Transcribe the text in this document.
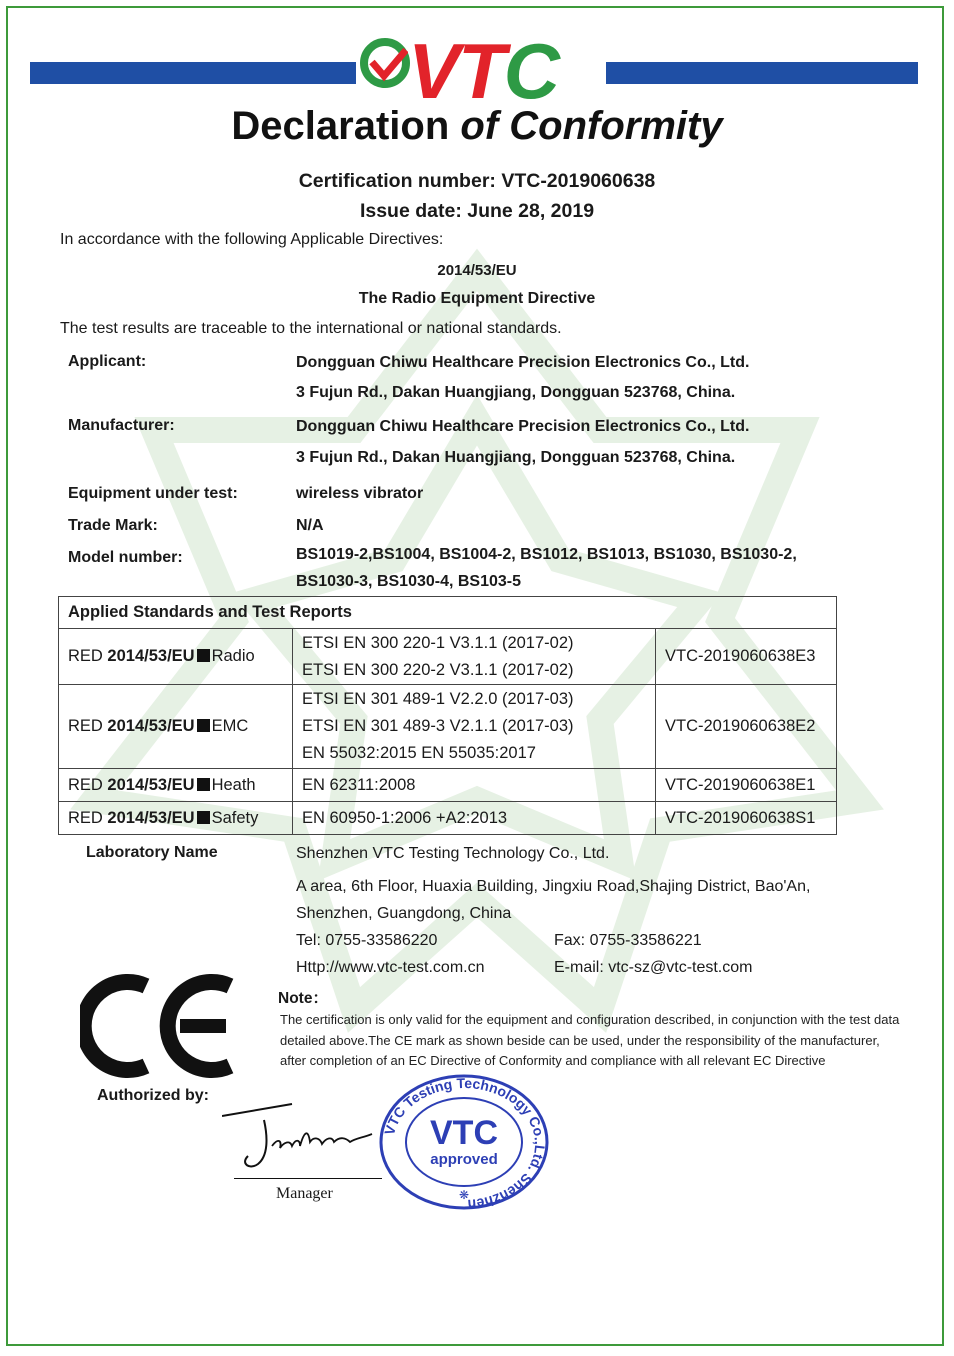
VTC
Declaration of Conformity
Certification number: VTC-2019060638
Issue date: June 28, 2019
In accordance with the following Applicable Directives:
2014/53/EU
The Radio Equipment Directive
The test results are traceable to the international or national standards.
Applicant:	Dongguan Chiwu Healthcare Precision Electronics Co., Ltd.
3 Fujun Rd., Dakan Huangjiang, Dongguan 523768, China.
Manufacturer:	Dongguan Chiwu Healthcare Precision Electronics Co., Ltd.
3 Fujun Rd., Dakan Huangjiang, Dongguan 523768, China.
Equipment under test:	wireless vibrator
Trade Mark:	N/A
Model number:	BS1019-2,BS1004, BS1004-2, BS1012, BS1013, BS1030, BS1030-2,
BS1030-3, BS1030-4, BS103-5
Applied Standards and Test Reports		
RED 2014/53/EU Radio	ETSI EN 300 220-1 V3.1.1 (2017-02)
ETSI EN 300 220-2 V3.1.1 (2017-02)	VTC-2019060638E3
RED 2014/53/EU EMC	ETSI EN 301 489-1 V2.2.0 (2017-03)
ETSI EN 301 489-3 V2.1.1 (2017-03)
EN 55032:2015 EN 55035:2017	VTC-2019060638E2
RED 2014/53/EU Heath	EN 62311:2008	VTC-2019060638E1
RED 2014/53/EU Safety	EN 60950-1:2006 +A2:2013	VTC-2019060638S1
Laboratory Name	Shenzhen VTC Testing Technology Co., Ltd.
A area, 6th Floor, Huaxia Building, Jingxiu Road,Shajing District, Bao'An,
Shenzhen, Guangdong, China
Tel: 0755-33586220	Fax: 0755-33586221
Http://www.vtc-test.com.cn	E-mail: vtc-sz@vtc-test.com
Note：
The certification is only valid for the equipment and configuration described, in conjunction with the test data detailed above.The CE mark as shown beside can be used, under the responsibility of the manufacturer, after completion of an EC Directive of Conformity and compliance with all relevant EC Directive
Authorized by:
Manager
VTC Testing Technology Co.,Ltd. Shenzhen
VTC
approved
❋
